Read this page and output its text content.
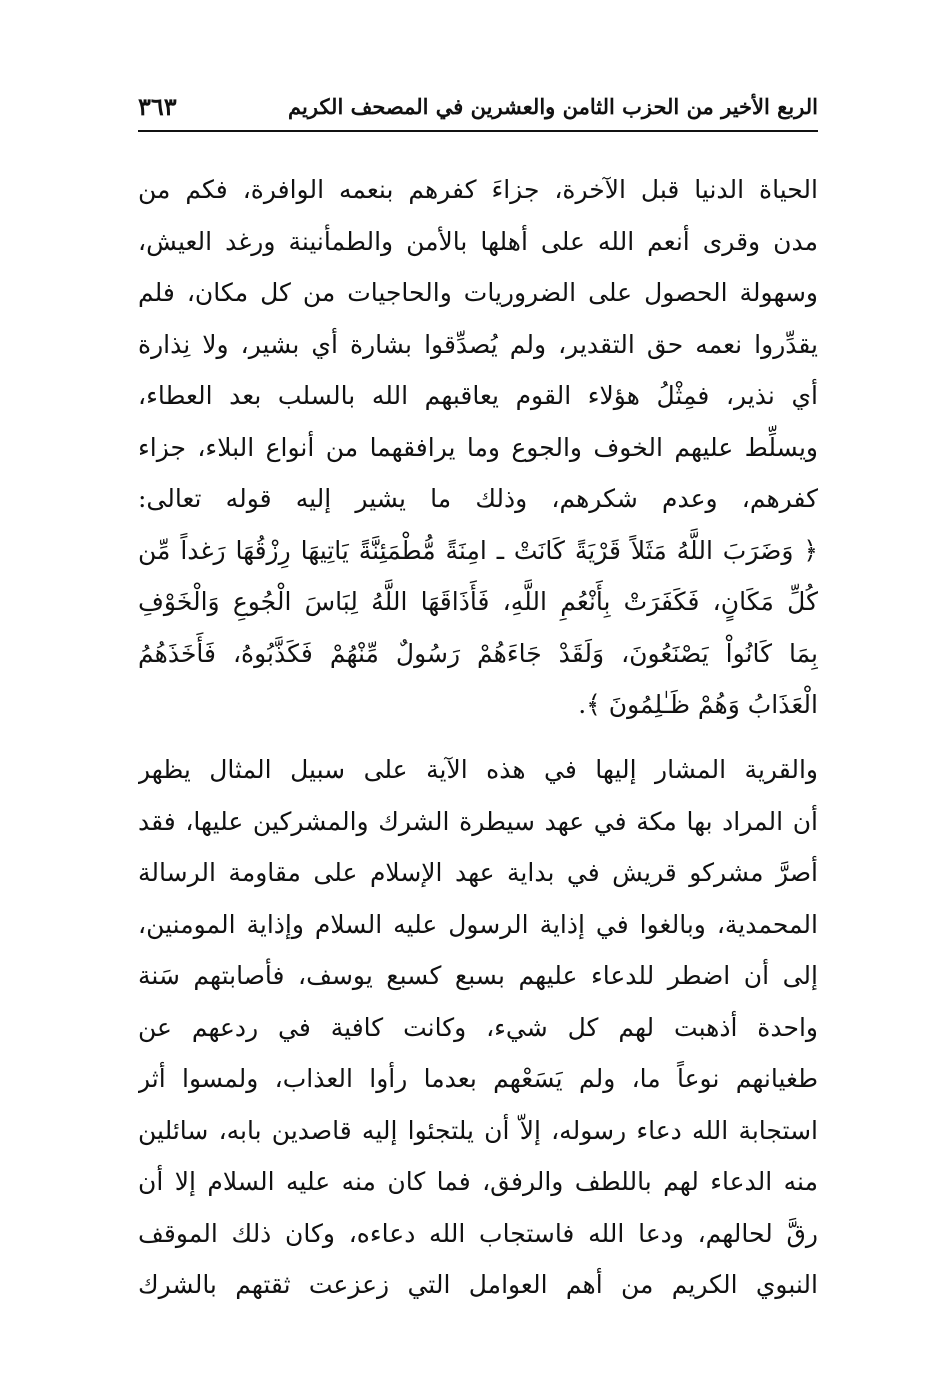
الربع الأخير من الحزب الثامن والعشرين في المصحف الكريم
٣٦٣
الحياة الدنيا قبل الآخرة، جزاءَ كفرهم بنعمه الوافرة، فكم من
مدن وقرى أنعم الله على أهلها بالأمن والطمأنينة ورغد العيش،
وسهولة الحصول على الضروريات والحاجيات من كل مكان، فلم
يقدِّروا نعمه حق التقدير، ولم يُصدِّقوا بشارة أي بشير، ولا نِذارة
أي نذير، فمِثْلُ هؤلاء القوم يعاقبهم الله بالسلب بعد العطاء،
ويسلِّط عليهم الخوف والجوع وما يرافقهما من أنواع البلاء، جزاء
كفرهم، وعدم شكرهم، وذلك ما يشير إليه قوله تعالى:
﴿ وَضَرَبَ اللَّهُ مَثَلاً قَرْيَةً كَانَتْ ـ امِنَةً مُّطْمَئِنَّةً يَاتِيهَا رِزْقُهَا رَغداً مِّن
كُلِّ مَكَانٍ، فَكَفَرَتْ بِأَنْعُمِ اللَّهِ، فَأَذَاقَهَا اللَّهُ لِبَاسَ الْجُوعِ وَالْخَوْفِ
بِمَا كَانُواْ يَصْنَعُونَ، وَلَقَدْ جَاءَهُمْ رَسُولٌ مِّنْهُمْ فَكَذَّبُوهُ، فَأَخَذَهُمُ
الْعَذَابُ وَهُمْ ظَـٰلِمُونَ ﴾.
والقرية المشار إليها في هذه الآية على سبيل المثال يظهر
أن المراد بها مكة في عهد سيطرة الشرك والمشركين عليها، فقد
أصرَّ مشركو قريش في بداية عهد الإسلام على مقاومة الرسالة
المحمدية، وبالغوا في إذاية الرسول عليه السلام وإذاية المومنين،
إلى أن اضطر للدعاء عليهم بسبع كسبع يوسف، فأصابتهم سَنة
واحدة أذهبت لهم كل شيء، وكانت كافية في ردعهم عن
طغيانهم نوعاً ما، ولم يَسَعْهم بعدما رأوا العذاب، ولمسوا أثر
استجابة الله دعاء رسوله، إلاّ أن يلتجئوا إليه قاصدين بابه، سائلين
منه الدعاء لهم باللطف والرفق، فما كان منه عليه السلام إلا أن
رقَّ لحالهم، ودعا الله فاستجاب الله دعاءه، وكان ذلك الموقف
النبوي الكريم من أهم العوامل التي زعزعت ثقتهم بالشرك
